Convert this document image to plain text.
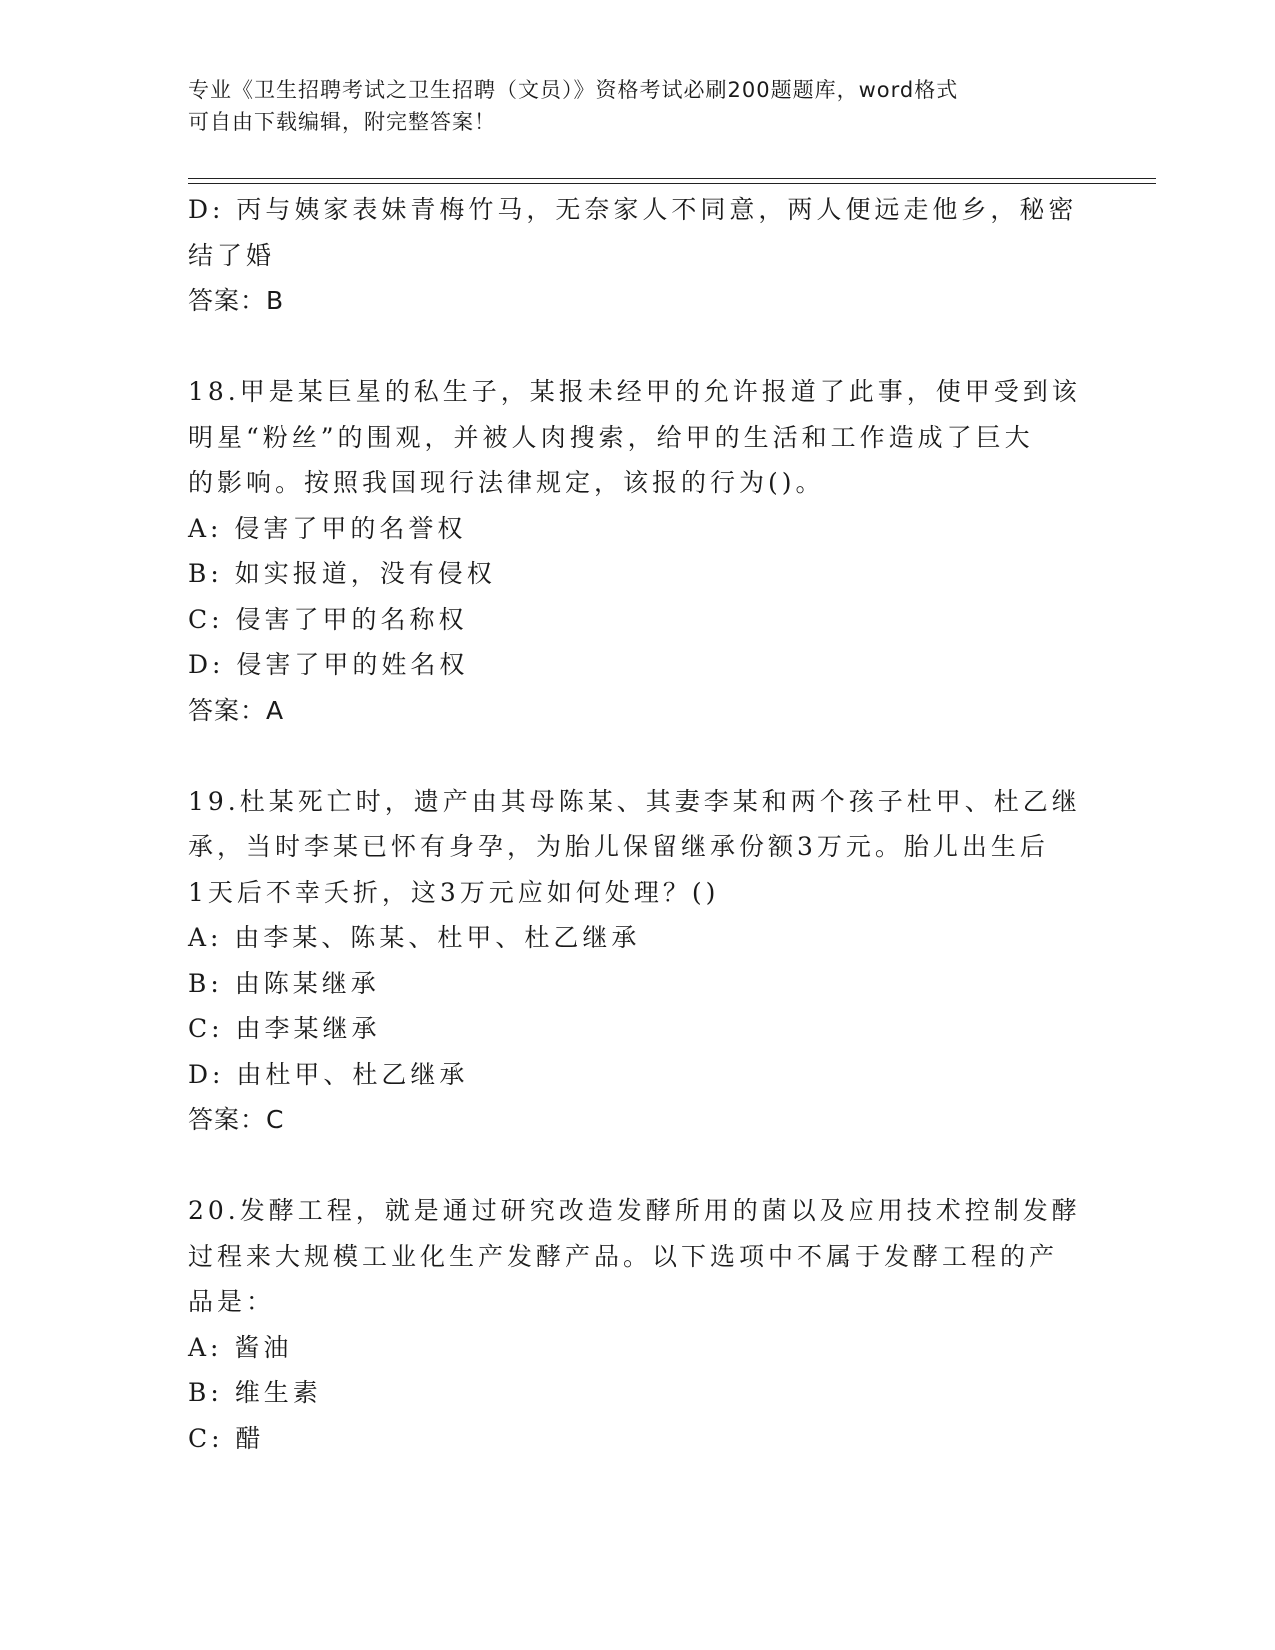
专业《卫生招聘考试之卫生招聘（文员）》资格考试必刷200题题库，word格式
可自由下载编辑，附完整答案！
D: 丙与姨家表妹青梅竹马，无奈家人不同意，两人便远走他乡，秘密
结了婚
答案：B
18.甲是某巨星的私生子，某报未经甲的允许报道了此事，使甲受到该
明星“粉丝”的围观，并被人肉搜索，给甲的生活和工作造成了巨大
的影响。按照我国现行法律规定，该报的行为()。
A: 侵害了甲的名誉权
B: 如实报道，没有侵权
C: 侵害了甲的名称权
D: 侵害了甲的姓名权
答案：A
19.杜某死亡时，遗产由其母陈某、其妻李某和两个孩子杜甲、杜乙继
承，当时李某已怀有身孕，为胎儿保留继承份额3万元。胎儿出生后
1天后不幸夭折，这3万元应如何处理？()
A: 由李某、陈某、杜甲、杜乙继承
B: 由陈某继承
C: 由李某继承
D: 由杜甲、杜乙继承
答案：C
20.发酵工程，就是通过研究改造发酵所用的菌以及应用技术控制发酵
过程来大规模工业化生产发酵产品。以下选项中不属于发酵工程的产
品是：
A: 酱油
B: 维生素
C: 醋
